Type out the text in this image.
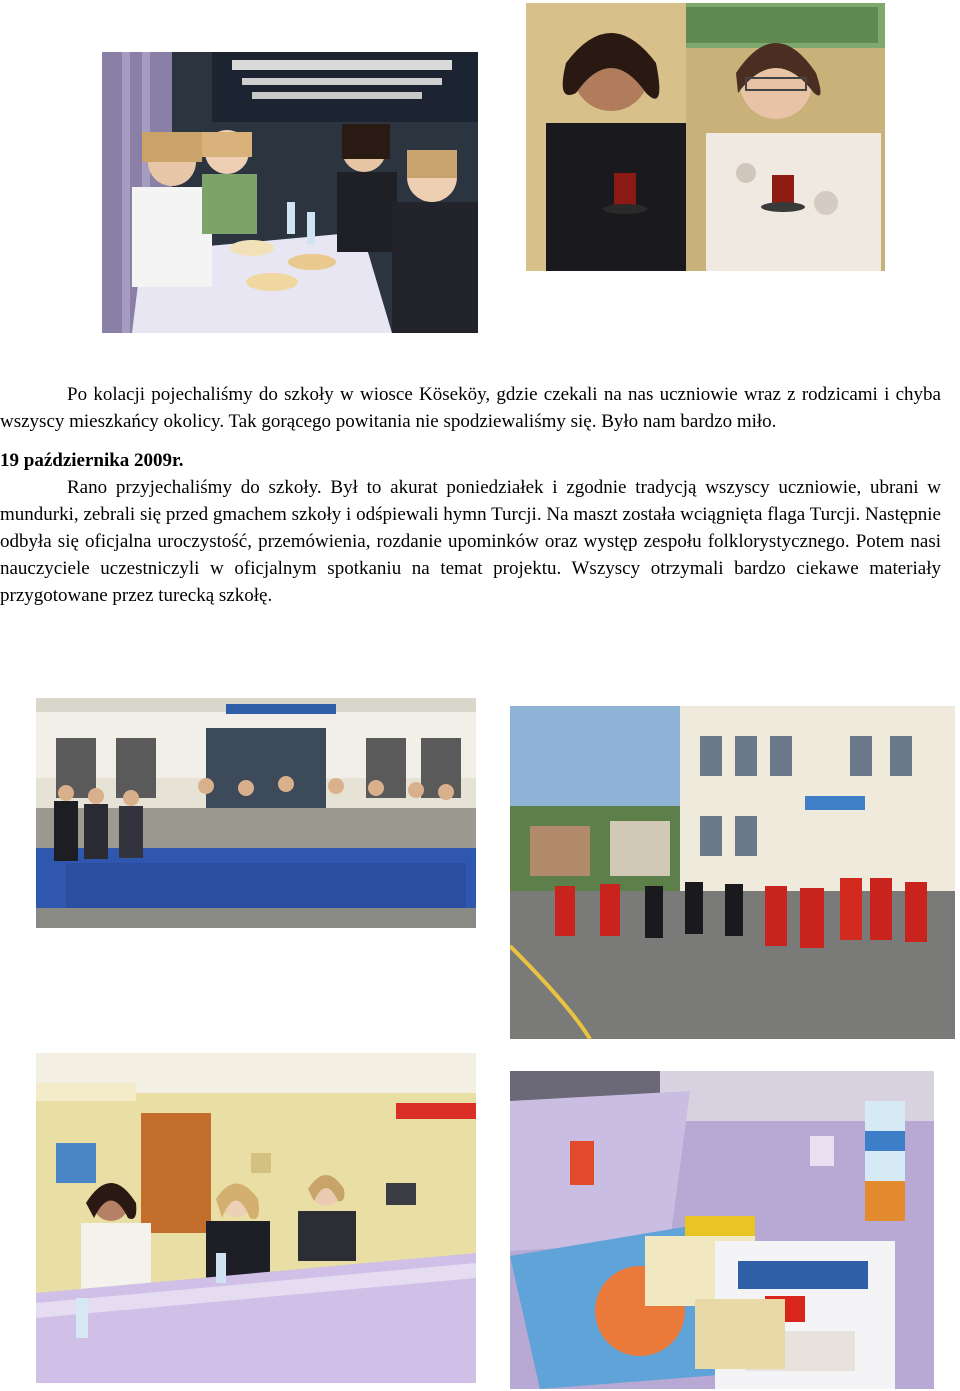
Po kolacji pojechaliśmy do szkoły w wiosce Köseköy, gdzie czekali na nas uczniowie wraz z rodzicami i chyba wszyscy mieszkańcy okolicy. Tak gorącego powitania nie spodziewaliśmy się. Było nam bardzo miło.

19 października 2009r.

Rano przyjechaliśmy do szkoły. Był to akurat poniedziałek i zgodnie tradycją wszyscy uczniowie, ubrani w mundurki, zebrali się przed gmachem szkoły i odśpiewali hymn Turcji. Na maszt została wciągnięta flaga Turcji. Następnie odbyła się oficjalna uroczystość, przemówienia, rozdanie upominków oraz występ zespołu folklorystycznego. Potem nasi nauczyciele uczestniczyli w oficjalnym spotkaniu na temat projektu. Wszyscy otrzymali bardzo ciekawe materiały przygotowane przez turecką szkołę.
